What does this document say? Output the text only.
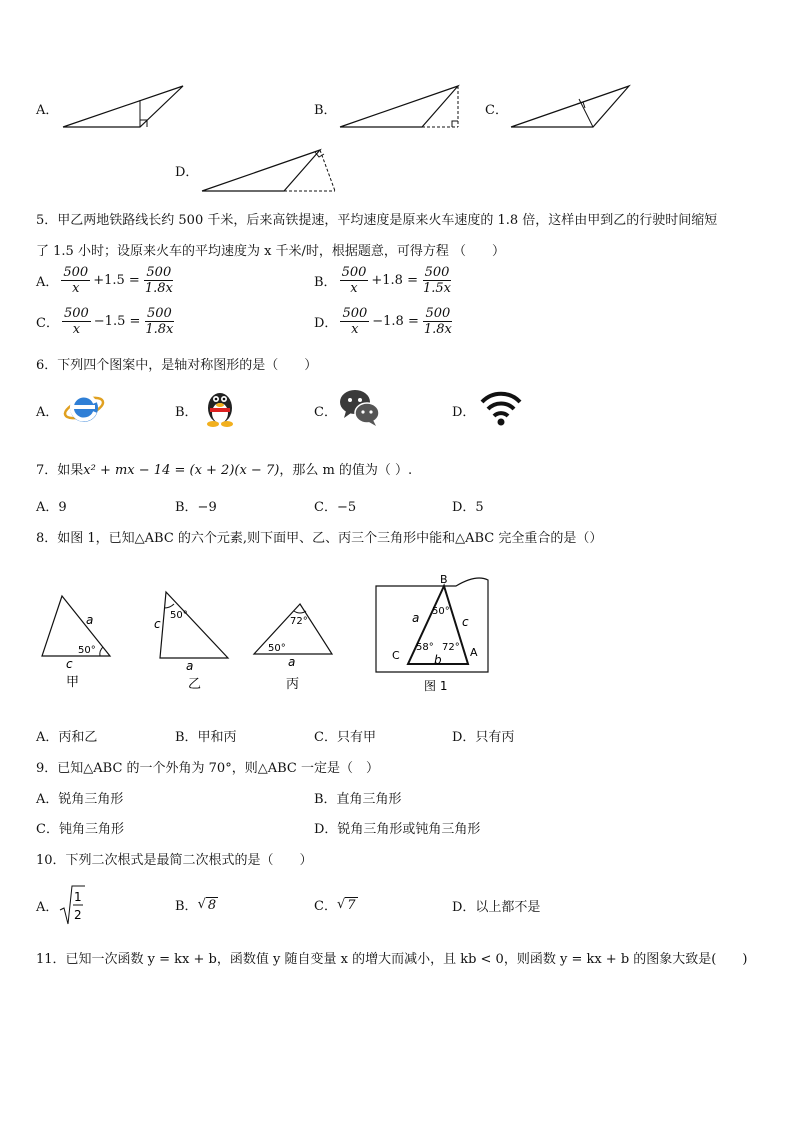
A．	B．	C．
D．
5．甲乙两地铁路线长约 500 千米，后来高铁提速，平均速度是原来火车速度的 1.8 倍，这样由甲到乙的行驶时间缩短
了 1.5 小时；设原来火车的平均速度为 x 千米/时，根据题意，可得方程 （　　）
A． $\frac{500}{x} +1.5 = \frac{500}{1.8x}$	B． $\frac{500}{x} +1.8 = \frac{500}{1.5x}$
C． $\frac{500}{x} -1.5 = \frac{500}{1.8x}$	D． $\frac{500}{x} -1.8 = \frac{500}{1.8x}$
6．下列四个图案中，是轴对称图形的是（　　）
A．	B．	C．	D．
7．如果x² + mx − 14 = (x + 2)(x − 7)，那么 m 的值为（ ）.
A．9	B．−9	C．−5	D．5
8．如图 1，已知△ABC 的六个元素,则下面甲、乙、丙三个三角形中能和△ABC 完全重合的是（）
a
50°
c
甲
50°
c
a
乙
72°
50°
a
丙
B
C	A
a	c
b
50°
58° 72°
图 1
A．丙和乙	B．甲和丙	C．只有甲	D．只有丙
9．已知△ABC 的一个外角为 70°，则△ABC 一定是（　）
A．锐角三角形	B．直角三角形
C．钝角三角形	D．锐角三角形或钝角三角形
10．下列二次根式是最简二次根式的是（　　）
A．
1
2
B． √ 8	C． √ 7	D．以上都不是
11．已知一次函数 y = kx + b，函数值 y 随自变量 x 的增大而减小，且 kb < 0，则函数 y = kx + b 的图象大致是(　　)
